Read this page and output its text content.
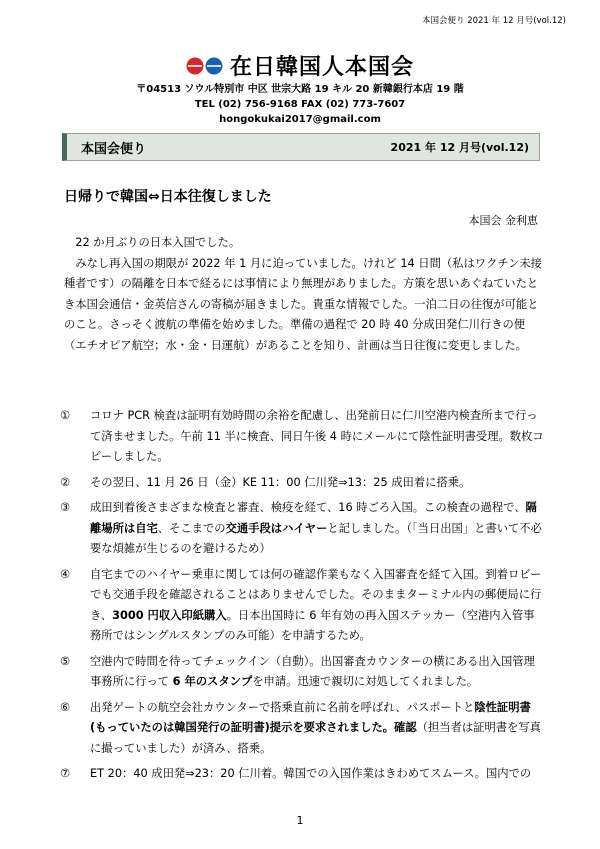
本国会便り 2021 年 12 月号(vol.12)
在日韓国人本国会
〒04513 ソウル特別市 中区 世宗大路 19 キル 20 新韓銀行本店 19 階
TEL (02) 756-9168 FAX (02) 773-7607
hongokukai2017@gmail.com
本国会便り	2021 年 12 月号(vol.12)
日帰りで韓国⇔日本往復しました
本国会 金利恵

22 か月ぶりの日本入国でした。

みなし再入国の期限が 2022 年 1 月に迫っていました。けれど 14 日間（私はワクチン未接種者です）の隔離を日本で経るには事情により無理がありました。方策を思いあぐねていたとき本国会通信・金英信さんの寄稿が届きました。貴重な情報でした。一泊二日の往復が可能とのこと。さっそく渡航の準備を始めました。準備の過程で 20 時 40 分成田発仁川行きの便（エチオピア航空；水・金・日運航）があることを知り、計画は当日往復に変更しました。

①	コロナ PCR 検査は証明有効時間の余裕を配慮し、出発前日に仁川空港内検査所まで行って済ませました。午前 11 半に検査、同日午後 4 時にメールにて陰性証明書受理。数枚コピーしました。
②	その翌日、11 月 26 日（金）KE 11：00 仁川発⇒13：25 成田着に搭乗。
③	成田到着後さまざまな検査と審査、検疫を経て、16 時ごろ入国。この検査の過程で、隔離場所は自宅、そこまでの交通手段はハイヤーと記しました。（「当日出国」と書いて不必要な煩雑が生じるのを避けるため）
④	自宅までのハイヤー乗車に関しては何の確認作業もなく入国審査を経て入国。到着ロビーでも交通手段を確認されることはありませんでした。そのままターミナル内の郵便局に行き、3000 円収入印紙購入。日本出国時に 6 年有効の再入国ステッカー（空港内入管事務所ではシングルスタンプのみ可能）を申請するため。
⑤	空港内で時間を待ってチェックイン（自動）。出国審査カウンターの横にある出入国管理事務所に行って 6 年のスタンプを申請。迅速で親切に対処してくれました。
⑥	出発ゲートの航空会社カウンターで搭乗直前に名前を呼ばれ、パスポートと陰性証明書(もっていたのは韓国発行の証明書)提示を要求されました。確認（担当者は証明書を写真に撮っていました）が済み、搭乗。
⑦	ET 20：40 成田発⇒23：20 仁川着。韓国での入国作業はきわめてスムース。国内での
1
